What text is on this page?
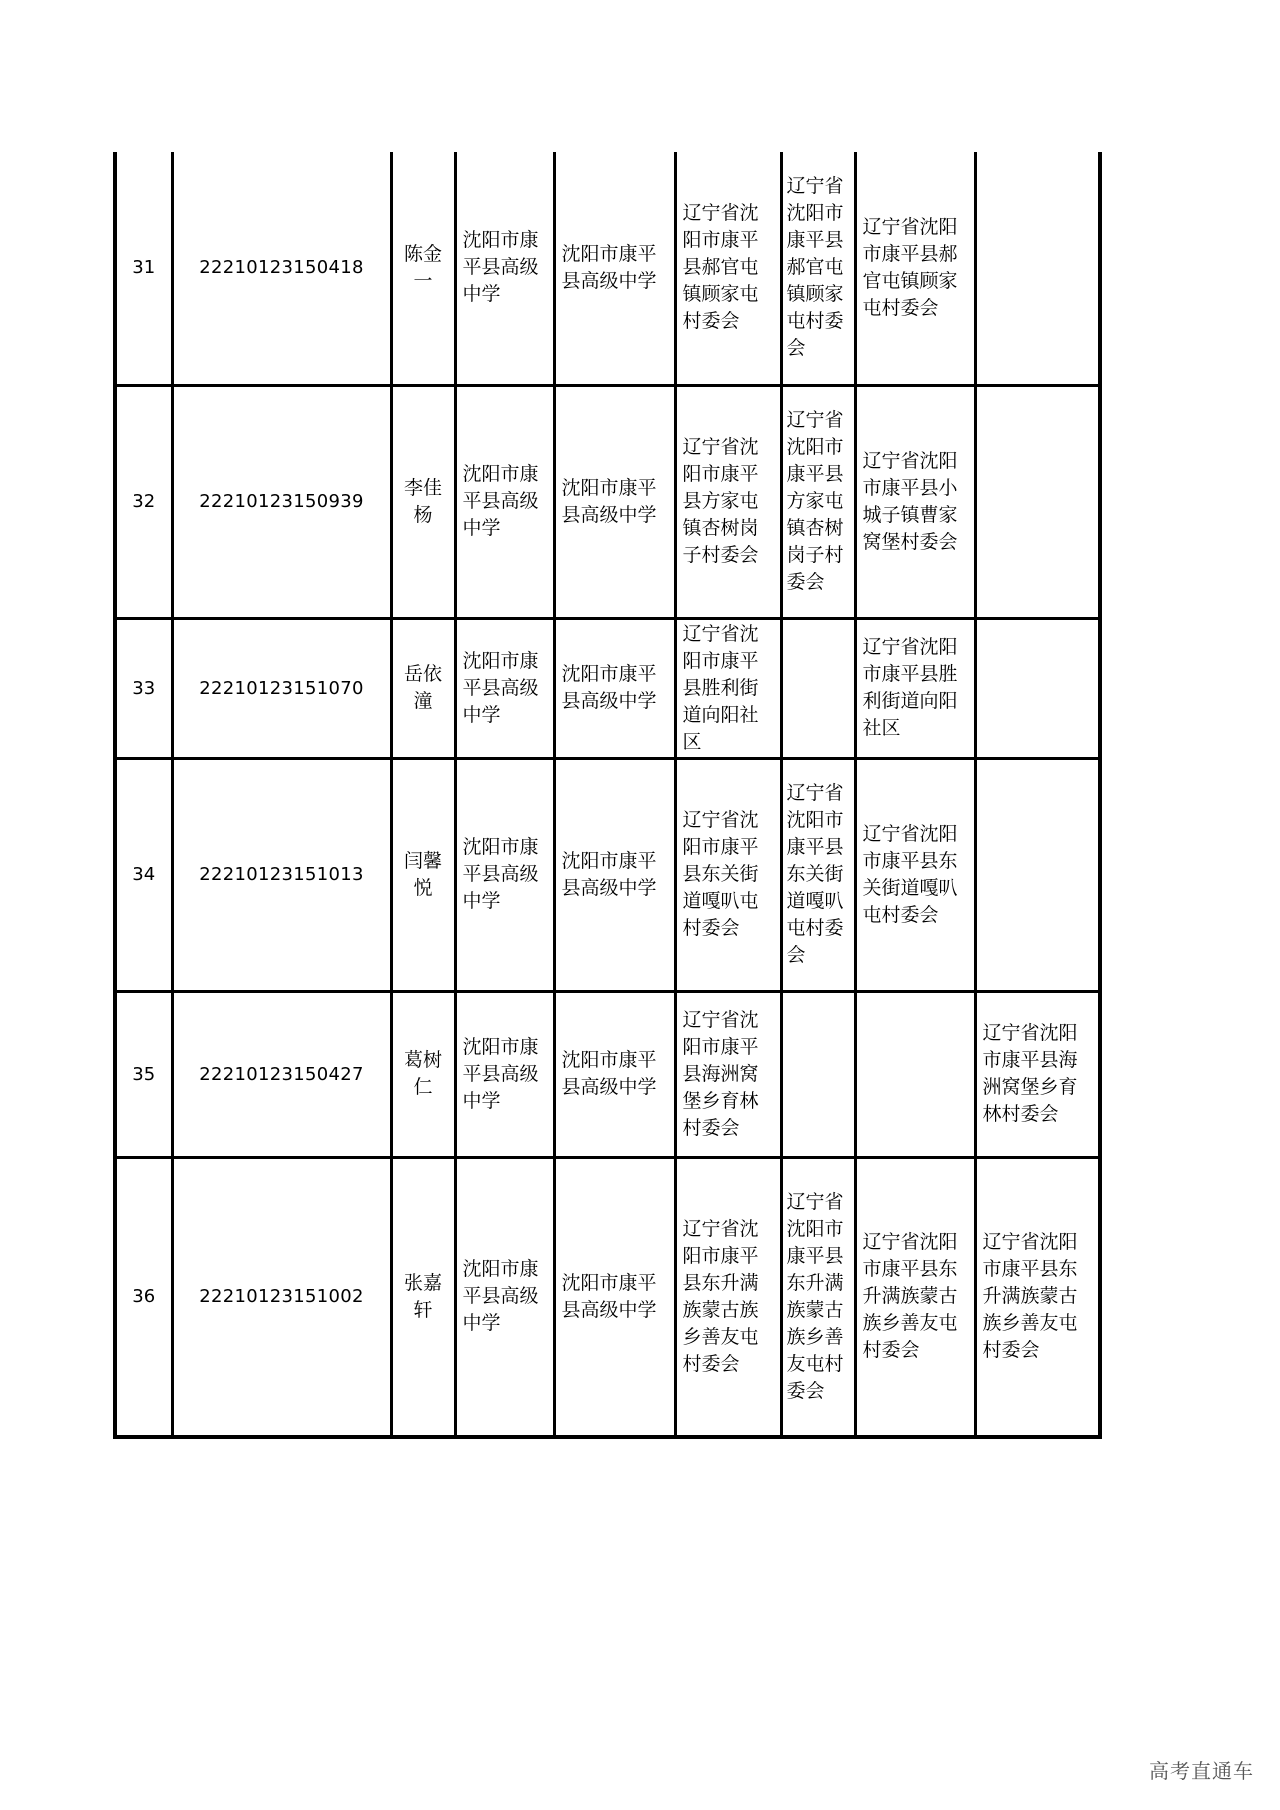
31	22210123150418	陈金一	沈阳市康平县高级中学	沈阳市康平县高级中学	辽宁省沈阳市康平县郝官屯镇顾家屯村委会	辽宁省沈阳市康平县郝官屯镇顾家屯村委会	辽宁省沈阳市康平县郝官屯镇顾家屯村委会	
32	22210123150939	李佳杨	沈阳市康平县高级中学	沈阳市康平县高级中学	辽宁省沈阳市康平县方家屯镇杏树岗子村委会	辽宁省沈阳市康平县方家屯镇杏树岗子村委会	辽宁省沈阳市康平县小城子镇曹家窝堡村委会	
33	22210123151070	岳依潼	沈阳市康平县高级中学	沈阳市康平县高级中学	辽宁省沈阳市康平县胜利街道向阳社区		辽宁省沈阳市康平县胜利街道向阳社区	
34	22210123151013	闫馨悦	沈阳市康平县高级中学	沈阳市康平县高级中学	辽宁省沈阳市康平县东关街道嘎叭屯村委会	辽宁省沈阳市康平县东关街道嘎叭屯村委会	辽宁省沈阳市康平县东关街道嘎叭屯村委会	
35	22210123150427	葛树仁	沈阳市康平县高级中学	沈阳市康平县高级中学	辽宁省沈阳市康平县海洲窝堡乡育林村委会			辽宁省沈阳市康平县海洲窝堡乡育林村委会
36	22210123151002	张嘉轩	沈阳市康平县高级中学	沈阳市康平县高级中学	辽宁省沈阳市康平县东升满族蒙古族乡善友屯村委会	辽宁省沈阳市康平县东升满族蒙古族乡善友屯村委会	辽宁省沈阳市康平县东升满族蒙古族乡善友屯村委会	辽宁省沈阳市康平县东升满族蒙古族乡善友屯村委会
高考直通车
